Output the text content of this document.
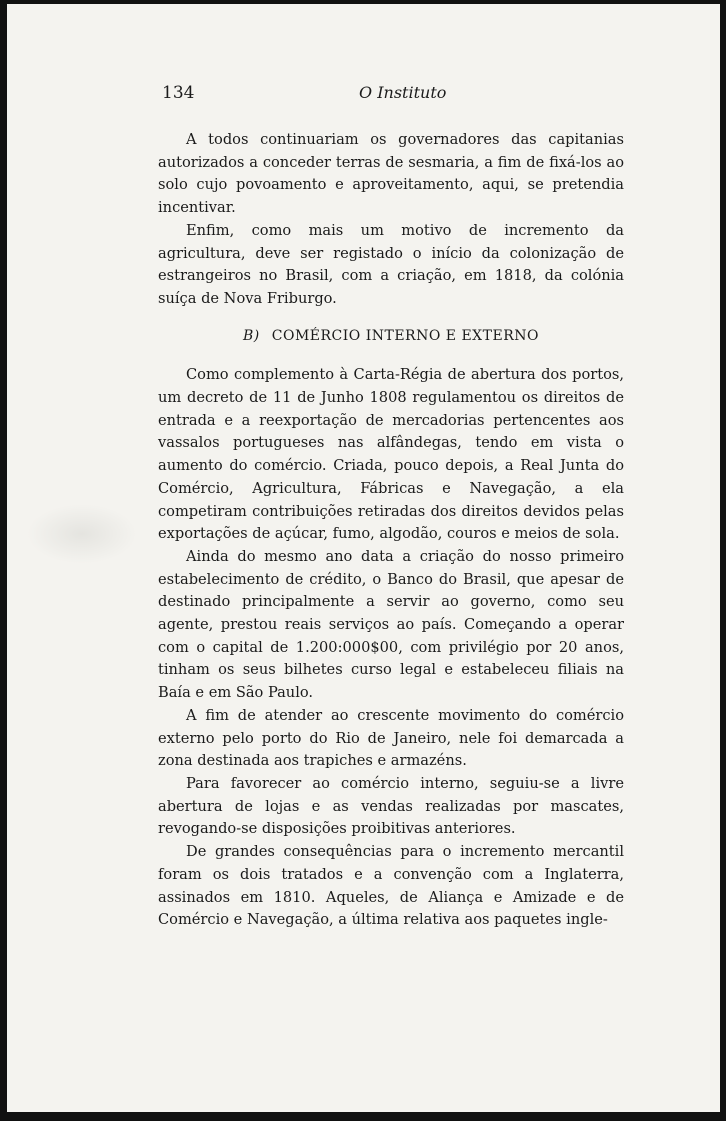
134	O Instituto

A todos continuariam os governadores das capitanias autorizados a conceder terras de sesmaria, a fim de fixá-los ao solo cujo povoamento e aproveitamento, aqui, se pretendia incentivar.

Enfim, como mais um motivo de incremento da agricultura, deve ser registado o início da colonização de estrangeiros no Brasil, com a criação, em 1818, da colónia suíça de Nova Friburgo.

B) COMÉRCIO INTERNO E EXTERNO

Como complemento à Carta-Régia de abertura dos portos, um decreto de 11 de Junho 1808 regulamentou os direitos de entrada e a reexportação de mercadorias pertencentes aos vassalos portugueses nas alfândegas, tendo em vista o aumento do comércio. Criada, pouco depois, a Real Junta do Comércio, Agricultura, Fábricas e Navegação, a ela competiram contribuições retiradas dos direitos devidos pelas exportações de açúcar, fumo, algodão, couros e meios de sola.

Ainda do mesmo ano data a criação do nosso primeiro estabelecimento de crédito, o Banco do Brasil, que apesar de destinado principalmente a servir ao governo, como seu agente, prestou reais serviços ao país. Começando a operar com o capital de 1.200:000$00, com privilégio por 20 anos, tinham os seus bilhetes curso legal e estabeleceu filiais na Baía e em São Paulo.

A fim de atender ao crescente movimento do comércio externo pelo porto do Rio de Janeiro, nele foi demarcada a zona destinada aos trapiches e armazéns.

Para favorecer ao comércio interno, seguiu-se a livre abertura de lojas e as vendas realizadas por mascates, revogando-se disposições proibitivas anteriores.

De grandes consequências para o incremento mercantil foram os dois tratados e a convenção com a Inglaterra, assinados em 1810. Aqueles, de Aliança e Amizade e de Comércio e Navegação, a última relativa aos paquetes ingle-
